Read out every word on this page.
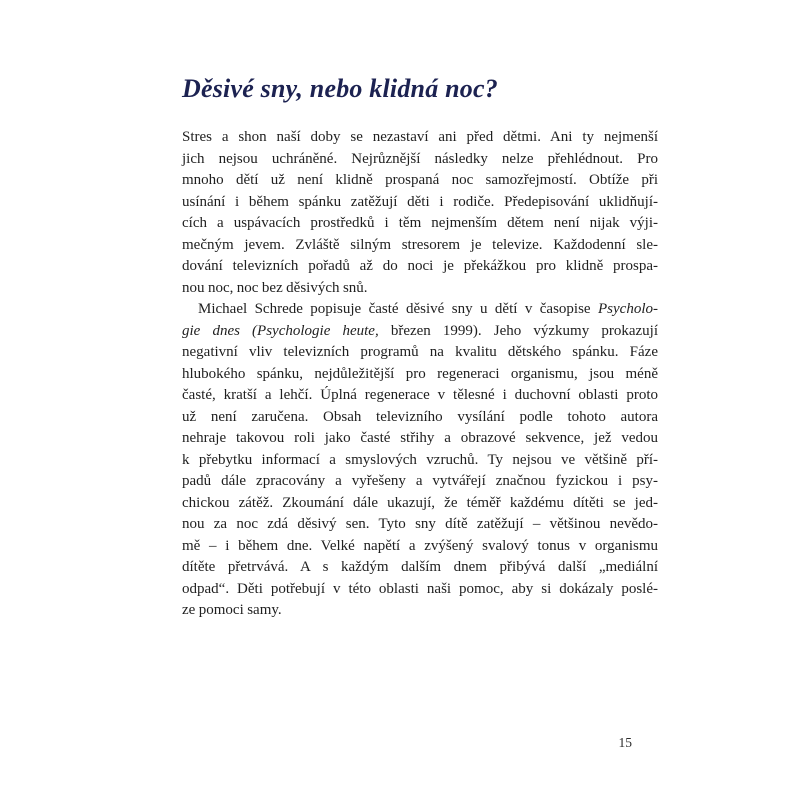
Děsivé sny, nebo klidná noc?
Stres a shon naší doby se nezastaví ani před dětmi. Ani ty nejmenší
jich nejsou uchráněné. Nejrůznější následky nelze přehlédnout. Pro
mnoho dětí už není klidně prospaná noc samozřejmostí. Obtíže při
usínání i během spánku zatěžují děti i rodiče. Předepisování uklidňují-
cích a uspávacích prostředků i těm nejmenším dětem není nijak výji-
mečným jevem. Zvláště silným stresorem je televize. Každodenní sle-
dování televizních pořadů až do noci je překážkou pro klidně prospa-
nou noc, noc bez děsivých snů.
Michael Schrede popisuje časté děsivé sny u dětí v časopise Psycholo-
gie dnes (Psychologie heute, březen 1999). Jeho výzkumy prokazují
negativní vliv televizních programů na kvalitu dětského spánku. Fáze
hlubokého spánku, nejdůležitější pro regeneraci organismu, jsou méně
časté, kratší a lehčí. Úplná regenerace v tělesné i duchovní oblasti proto
už není zaručena. Obsah televizního vysílání podle tohoto autora
nehraje takovou roli jako časté střihy a obrazové sekvence, jež vedou
k přebytku informací a smyslových vzruchů. Ty nejsou ve většině pří-
padů dále zpracovány a vyřešeny a vytvářejí značnou fyzickou i psy-
chickou zátěž. Zkoumání dále ukazují, že téměř každému dítěti se jed-
nou za noc zdá děsivý sen. Tyto sny dítě zatěžují – většinou nevědo-
mě – i během dne. Velké napětí a zvýšený svalový tonus v organismu
dítěte přetrvává. A s každým dalším dnem přibývá další „mediální
odpad“. Děti potřebují v této oblasti naši pomoc, aby si dokázaly poslé-
ze pomoci samy.
15
